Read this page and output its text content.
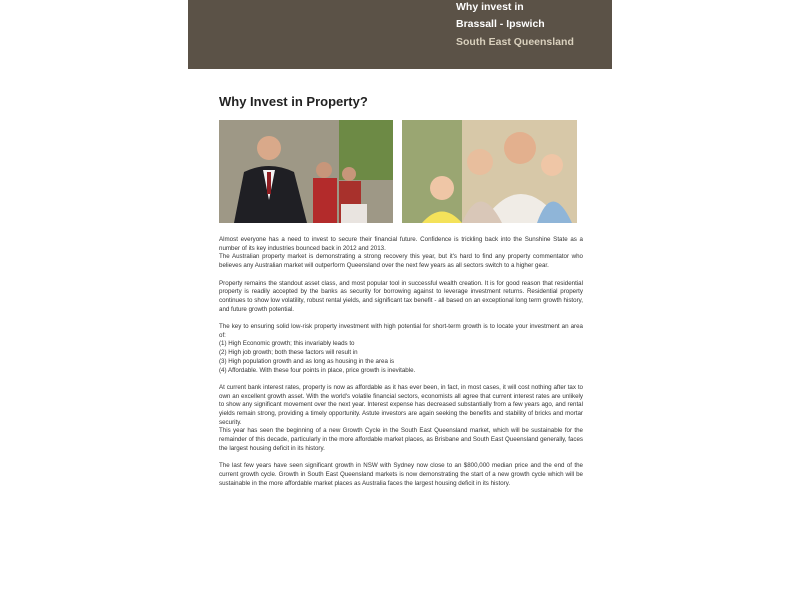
Why invest in
Brassall - Ipswich
South East Queensland
Why Invest in Property?

Almost everyone has a need to invest to secure their financial future. Confidence is trickling back into the Sunshine State as a number of its key industries bounced back in 2012 and 2013.

The Australian property market is demonstrating a strong recovery this year, but it's hard to find any property commentator who believes any Australian market will outperform Queensland over the next few years as all sectors switch to a higher gear.

Property remains the standout asset class, and most popular tool in successful wealth creation. It is for good reason that residential property is readily accepted by the banks as security for borrowing against to leverage investment returns. Residential property continues to show low volatility, robust rental yields, and significant tax benefit - all based on an exceptional long term growth history, and future growth potential.

The key to ensuring solid low-risk property investment with high potential for short-term growth is to locate your investment an area of:

(1) High Economic growth; this invariably leads to

(2) High job growth; both these factors will result in

(3) High population growth and as long as housing in the area is

(4) Affordable. With these four points in place, price growth is inevitable.

At current bank interest rates, property is now as affordable as it has ever been, in fact, in most cases, it will cost nothing after tax to own an excellent growth asset. With the world's volatile financial sectors, economists all agree that current interest rates are unlikely to show any significant movement over the next year. Interest expense has decreased substantially from a few years ago, and rental yields remain strong, providing a timely opportunity. Astute investors are again seeking the benefits and stability of bricks and mortar security.

This year has seen the beginning of a new Growth Cycle in the South East Queensland market, which will be sustainable for the remainder of this decade, particularly in the more affordable market places, as Brisbane and South East Queensland generally, faces the largest housing deficit in its history.

The last few years have seen significant growth in NSW with Sydney now close to an $800,000 median price and the end of the current growth cycle. Growth in South East Queensland markets is now demonstrating the start of a new growth cycle which will be sustainable in the more affordable market places as Australia faces the largest housing deficit in its history.
